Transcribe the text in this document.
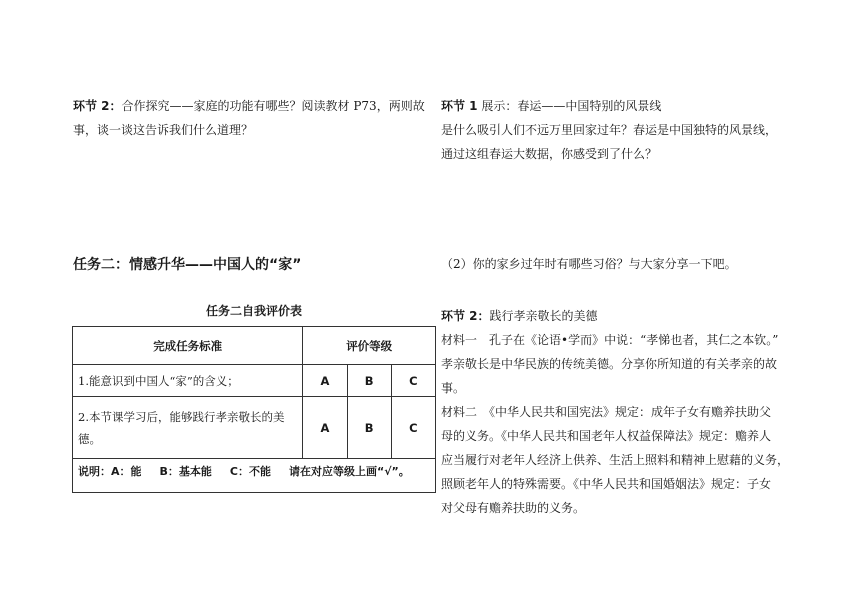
环节 2：合作探究——家庭的功能有哪些？阅读教材 P73，两则故

事，谈一谈这告诉我们什么道理？

任务二：情感升华——中国人的“家”
任务二自我评价表
完成任务标准	评价等级		
1.能意识到中国人“家”的含义；	A	B	C
2.本节课学习后，能够践行孝亲敬长的美德。	A	B	C
说明：A：能 B：基本能 C：不能 请在对应等级上画“√”。			

环节 1 展示：春运——中国特别的风景线

是什么吸引人们不远万里回家过年？春运是中国独特的风景线，

通过这组春运大数据，你感受到了什么？

（2）你的家乡过年时有哪些习俗？与大家分享一下吧。

环节 2：践行孝亲敬长的美德

材料一　孔子在《论语•学而》中说：“孝悌也者，其仁之本钦。”

孝亲敬长是中华民族的传统美德。分享你所知道的有关孝亲的故

事。

材料二　《中华人民共和国宪法》规定：成年子女有赡养扶助父

母的义务。《中华人民共和国老年人权益保障法》规定：赡养人

应当履行对老年人经济上供养、生活上照料和精神上慰藉的义务，

照顾老年人的特殊需要。《中华人民共和国婚姻法》规定：子女

对父母有赡养扶助的义务。
